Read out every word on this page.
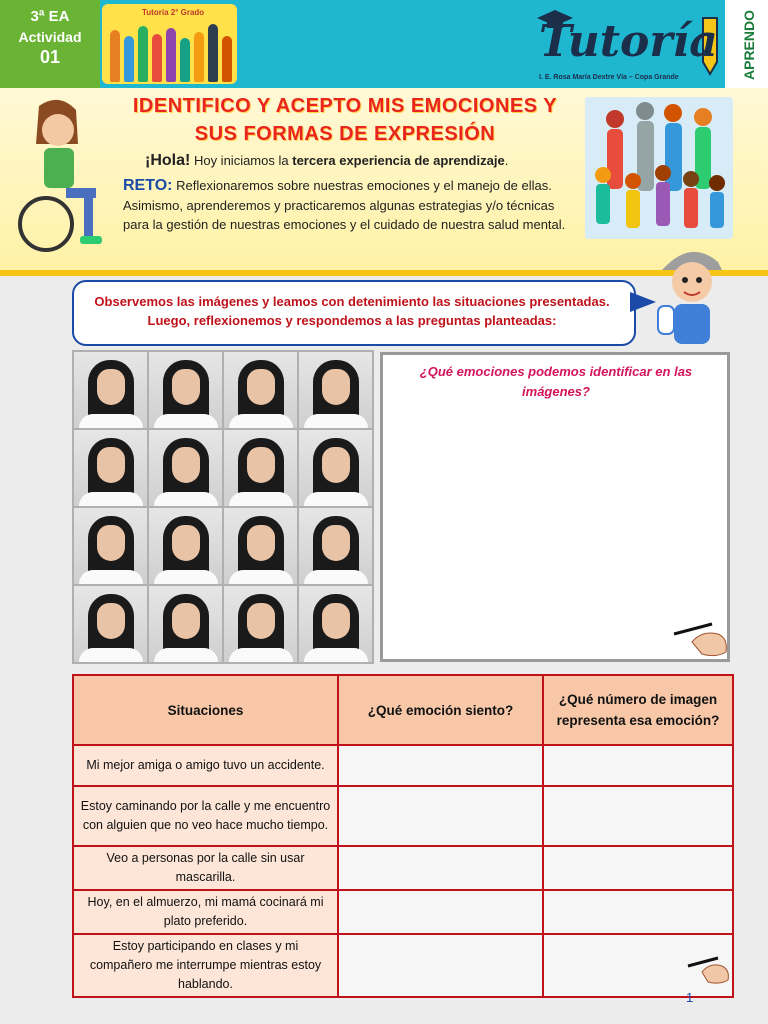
3ª EA
Actividad
01
Tutoría 2° Grado
Tutoría
I. E. Rosa María Dextre Vía – Copa Grande	APRENDO
IDENTIFICO Y ACEPTO MIS EMOCIONES Y
SUS FORMAS DE EXPRESIÓN
¡Hola! Hoy iniciamos la tercera experiencia de aprendizaje.
RETO: Reflexionaremos sobre nuestras emociones y el manejo de ellas. Asimismo, aprenderemos y practicaremos algunas estrategias y/o técnicas para la gestión de nuestras emociones y el cuidado de nuestra salud mental.
Observemos las imágenes y leamos con detenimiento las situaciones presentadas. Luego, reflexionemos y respondemos a las preguntas planteadas:
¿Qué emociones podemos identificar en las imágenes?
Situaciones	¿Qué emoción siento?	¿Qué número de imagen representa esa emoción?
Mi mejor amiga o amigo tuvo un accidente.		
Estoy caminando por la calle y me encuentro con alguien que no veo hace mucho tiempo.		
Veo a personas por la calle sin usar mascarilla.		
Hoy, en el almuerzo, mi mamá cocinará mi plato preferido.		
Estoy participando en clases y mi compañero me interrumpe mientras estoy hablando.		
1
